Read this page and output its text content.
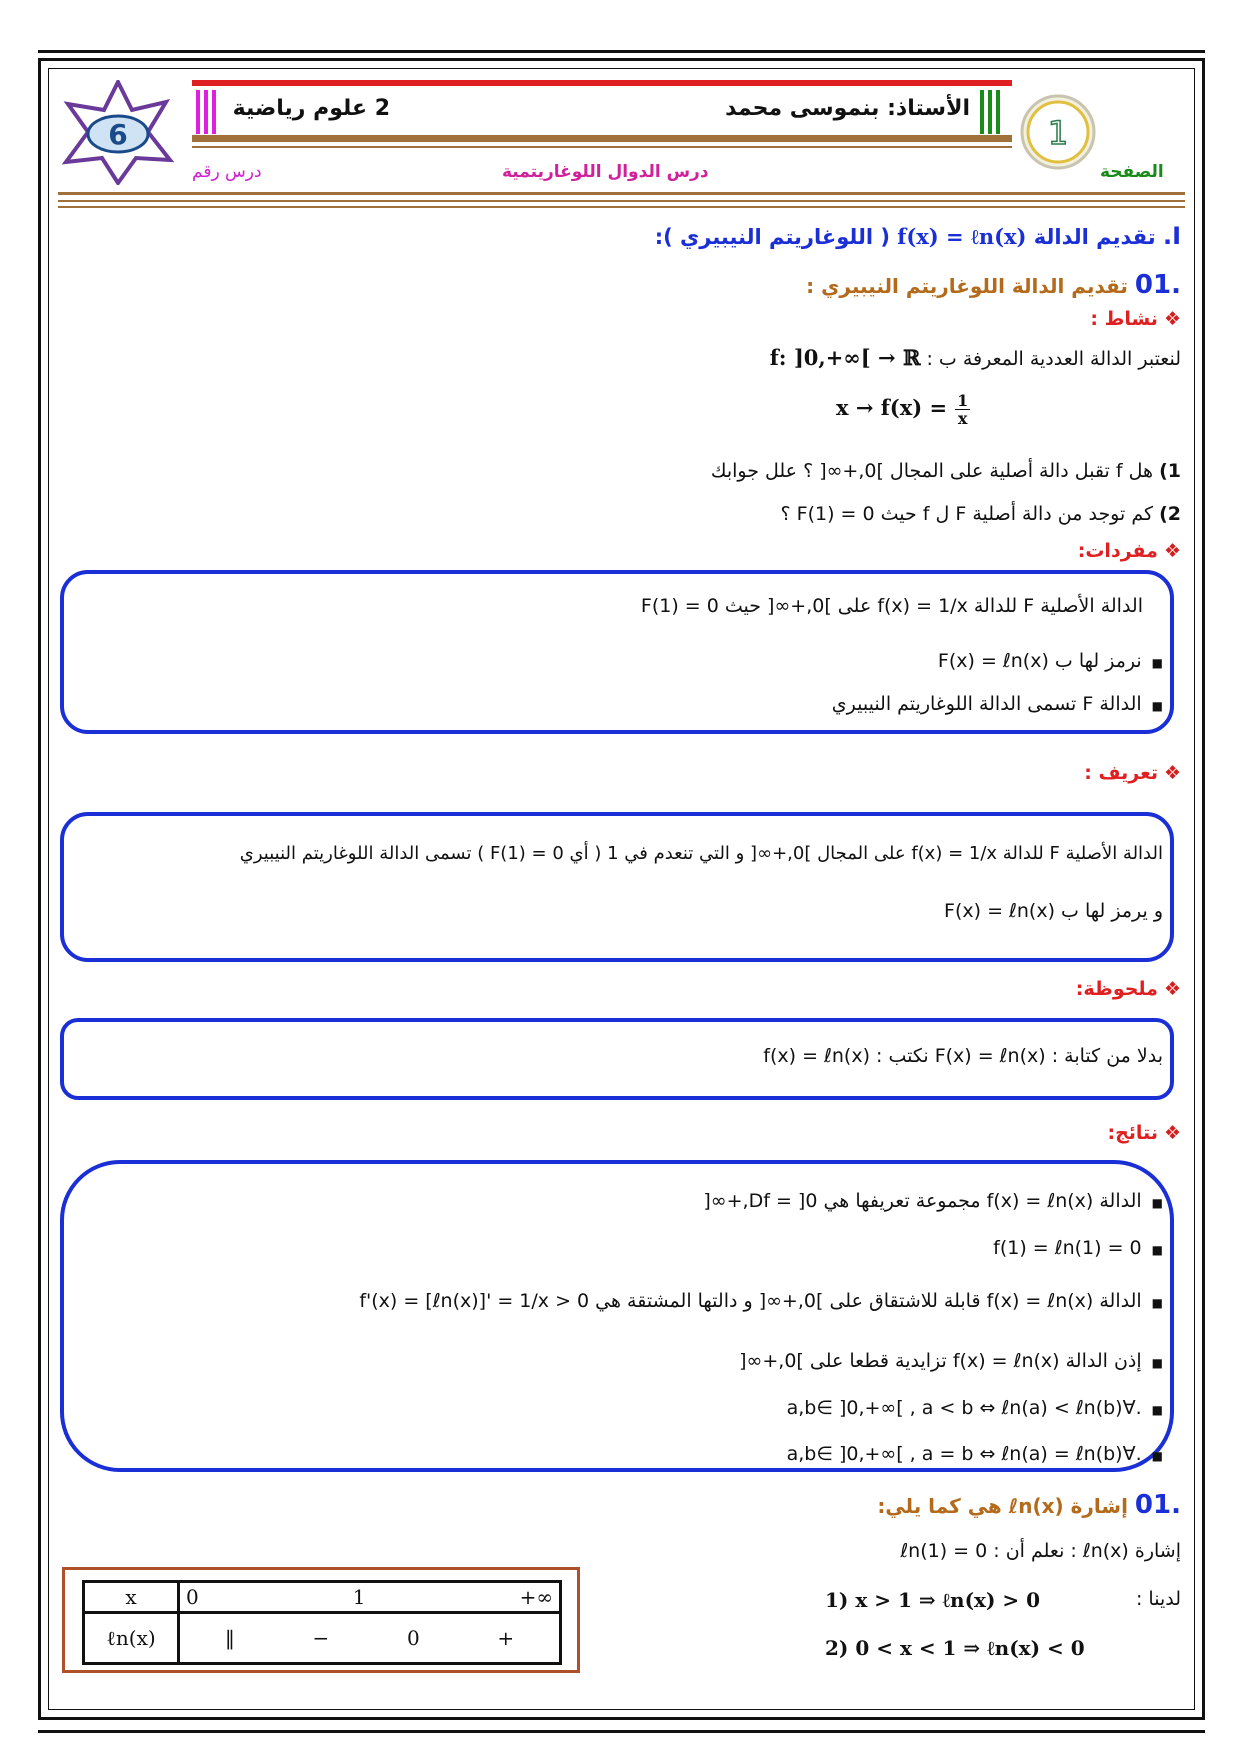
2 علوم رياضية	الأستاذ: بنموسى محمد
6	1
الصفحة
درس الدوال اللوغاريتمية
درس رقم
I. تقديم الدالة f(x) = ℓn(x) ( اللوغاريتم النيبيري ):
.01 تقديم الدالة اللوغاريتم النيبيري :
❖نشاط :
لنعتبر الدالة العددية المعرفة ب : f: ]0,+∞[ → ℝ
$x \to f(x) = \frac{1}{x}$
1) هل f تقبل دالة أصلية على المجال ]0,+∞[ ؟ علل جوابك
2) كم توجد من دالة أصلية F ل f حيث F(1) = 0 ؟
❖مفردات:
الدالة الأصلية F للدالة f(x) = 1/x على ]0,+∞[ حيث F(1) = 0
■نرمز لها ب F(x) = ℓn(x)
■الدالة F تسمى الدالة اللوغاريتم النيبيري
❖تعريف :
الدالة الأصلية F للدالة f(x) = 1/x على المجال ]0,+∞[ و التي تنعدم في 1 ( أي F(1) = 0 ) تسمى الدالة اللوغاريتم النيبيري
و يرمز لها ب F(x) = ℓn(x)
❖ملحوظة:
بدلا من كتابة : F(x) = ℓn(x) نكتب : f(x) = ℓn(x)
❖نتائج:
■الدالة f(x) = ℓn(x) مجموعة تعريفها هي Df = ]0,+∞[
■f(1) = ℓn(1) = 0
■الدالة f(x) = ℓn(x) قابلة للاشتقاق على ]0,+∞[ و دالتها المشتقة هي f'(x) = [ℓn(x)]' = 1/x > 0
■إذن الدالة f(x) = ℓn(x) تزايدية قطعا على ]0,+∞[
■.∀a,b∈ ]0,+∞[ , a < b ⇔ ℓn(a) < ℓn(b)
■.∀a,b∈ ]0,+∞[ , a = b ⇔ ℓn(a) = ℓn(b)
.01 إشارة ℓn(x) هي كما يلي:
إشارة ℓn(x) : نعلم أن : ℓn(1) = 0
لدينا :
1) x > 1 ⇒ ℓn(x) > 0
2) 0 < x < 1 ⇒ ℓn(x) < 0
x	0 1 +∞

ℓn(x)	‖ − 0 +
